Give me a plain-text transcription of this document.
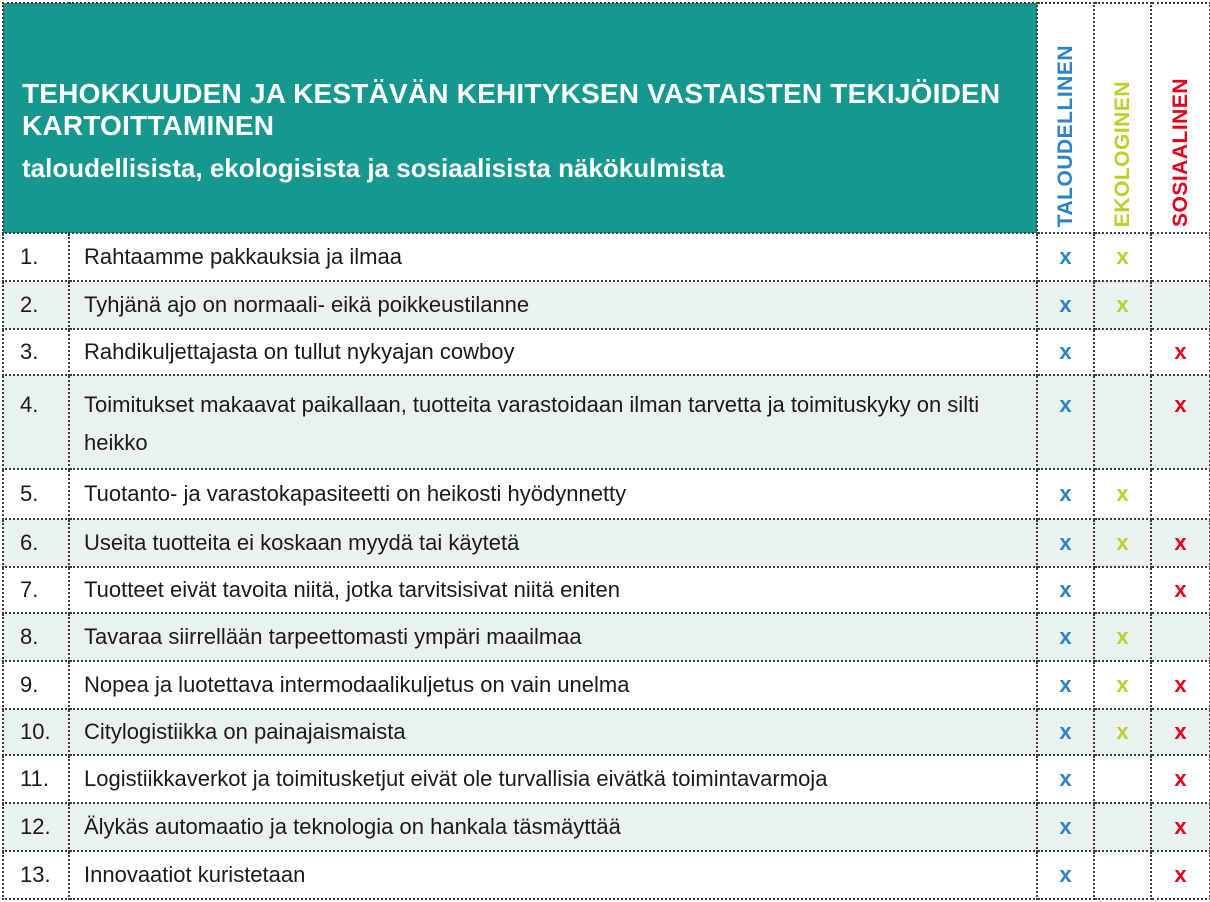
TEHOKKUUDEN JA KESTÄVÄN KEHITYKSEN VASTAISTEN TEKIJÖIDEN KARTOITTAMINEN
taloudellisista, ekologisista ja sosiaalisista näkökulmista		TALOUDELLINEN	EKOLOGINEN	SOSIAALINEN
1.	Rahtaamme pakkauksia ja ilmaa	x	x	
2.	Tyhjänä ajo on normaali- eikä poikkeustilanne	x	x	
3.	Rahdikuljettajasta on tullut nykyajan cowboy	x		x
4.	Toimitukset makaavat paikallaan, tuotteita varastoidaan ilman tarvetta ja toimituskyky on silti heikko	x		x
5.	Tuotanto- ja varastokapasiteetti on heikosti hyödynnetty	x	x	
6.	Useita tuotteita ei koskaan myydä tai käytetä	x	x	x
7.	Tuotteet eivät tavoita niitä, jotka tarvitsisivat niitä eniten	x		x
8.	Tavaraa siirrellään tarpeettomasti ympäri maailmaa	x	x	
9.	Nopea ja luotettava intermodaalikuljetus on vain unelma	x	x	x
10.	Citylogistiikka on painajaismaista	x	x	x
11.	Logistiikkaverkot ja toimitusketjut eivät ole turvallisia eivätkä toimintavarmoja	x		x
12.	Älykäs automaatio ja teknologia on hankala täsmäyttää	x		x
13.	Innovaatiot kuristetaan	x		x
